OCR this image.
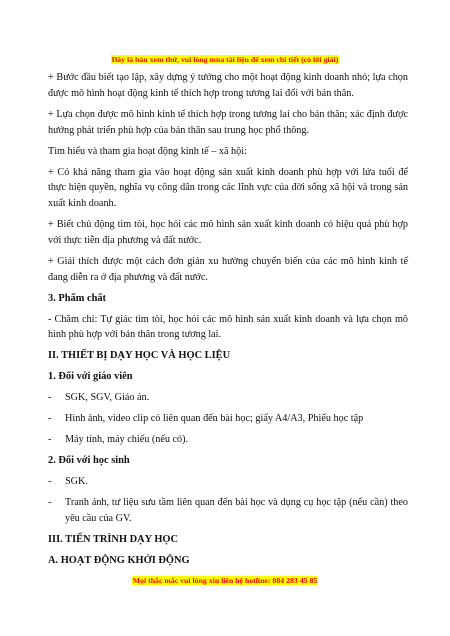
Đây là bản xem thử, vui lòng mua tài liệu để xem chi tiết (có lời giải)

+ Bước đầu biết tạo lập, xây dựng ý tưởng cho một hoạt động kinh doanh nhỏ; lựa chọn được mô hình hoạt động kinh tế thích hợp trong tương lai đối với bản thân.

+ Lựa chọn được mô hình kinh tế thích hợp trong tương lai cho bản thân; xác định được hướng phát triển phù hợp của bản thân sau trung học phổ thông.

Tìm hiểu và tham gia hoạt động kinh tế – xã hội:

+ Có khả năng tham gia vào hoạt động sản xuất kinh doanh phù hợp với lứa tuổi để thực hiện quyền, nghĩa vụ công dân trong các lĩnh vực của đời sống xã hội và trong sản xuất kinh doanh.

+ Biết chủ động tìm tòi, học hỏi các mô hình sản xuất kinh doanh có hiệu quả phù hợp với thực tiễn địa phương và đất nước.

+ Giải thích được một cách đơn giản xu hướng chuyển biến của các mô hình kinh tế đang diễn ra ở địa phương và đất nước.

3. Phẩm chất

- Chăm chỉ: Tự giác tìm tòi, học hỏi các mô hình sản xuất kinh doanh và lựa chọn mô hình phù hợp với bản thân trong tương lai.

II. THIẾT BỊ DẠY HỌC VÀ HỌC LIỆU

1. Đối với giáo viên

- SGK, SGV, Giáo án.
- Hình ảnh, video clip có liên quan đến bài học; giấy A4/A3, Phiếu học tập
- Máy tính, máy chiếu (nếu có).

2. Đối với học sinh

- SGK.
- Tranh ảnh, tư liệu sưu tầm liên quan đến bài học và dụng cụ học tập (nếu cần) theo yêu cầu của GV.

III. TIẾN TRÌNH DẠY HỌC

A. HOẠT ĐỘNG KHỞI ĐỘNG

Mọi thắc mắc vui lòng xin liên hệ hotline: 084 283 45 85
